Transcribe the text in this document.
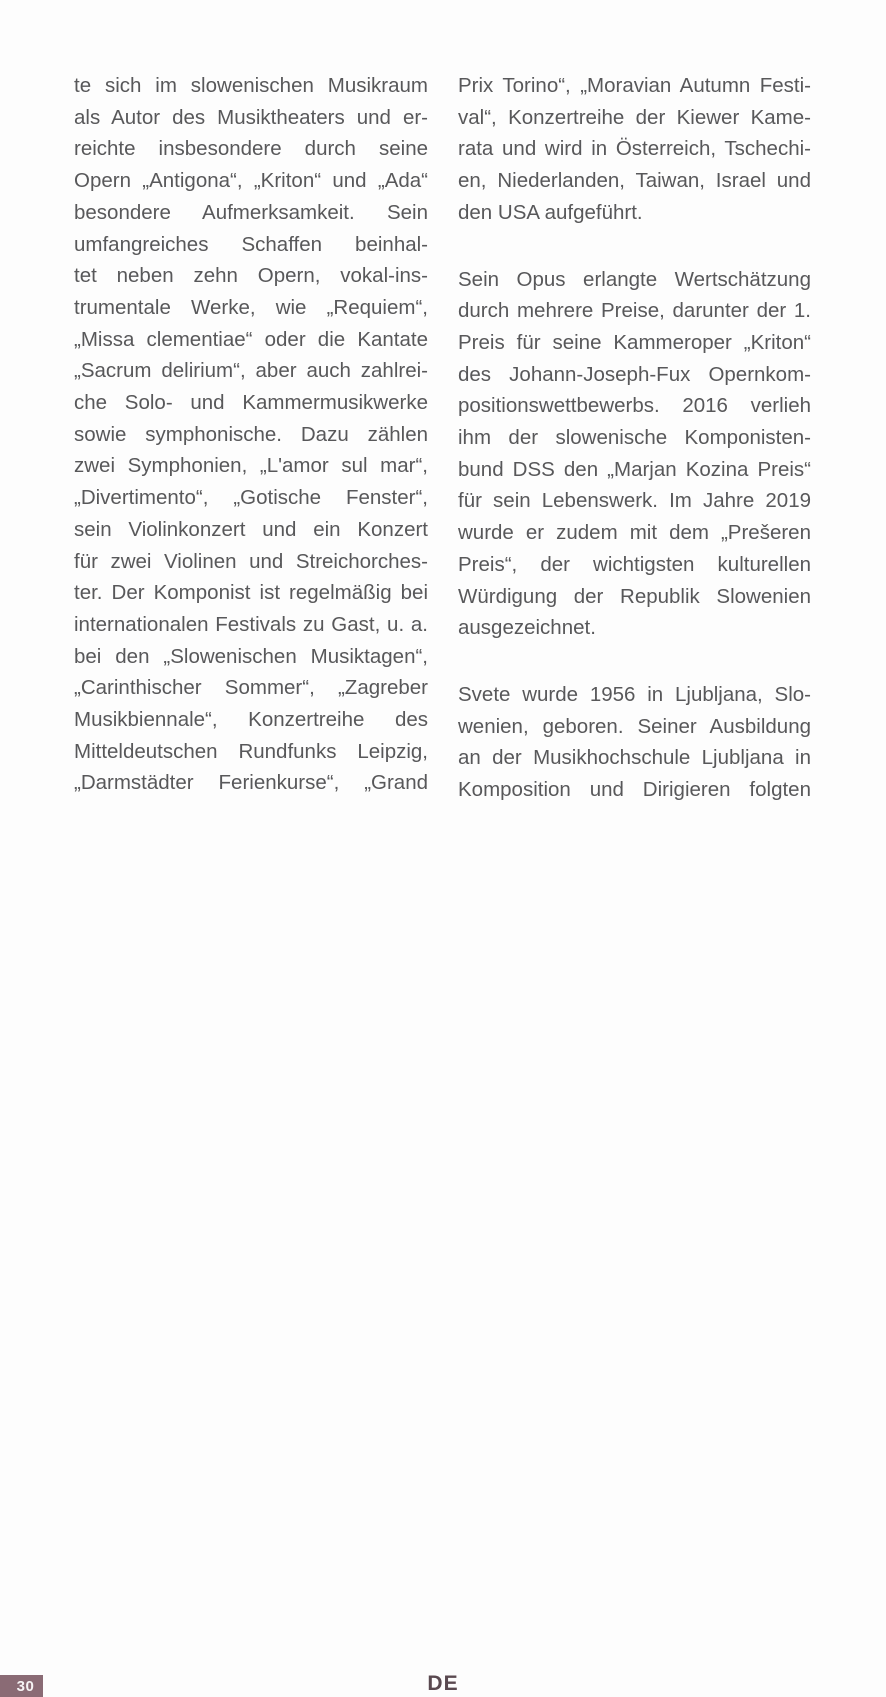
te sich im slowenischen Musikraum
als Autor des Musiktheaters und er-
reichte insbesondere durch seine
Opern „Antigona“, „Kriton“ und „Ada“
besondere Aufmerksamkeit. Sein
umfangreiches Schaffen beinhal-
tet neben zehn Opern, vokal-ins-
trumentale Werke, wie „Requiem“,
„Missa clementiae“ oder die Kantate
„Sacrum delirium“, aber auch zahlrei-
che Solo- und Kammermusikwerke
sowie symphonische. Dazu zählen
zwei Symphonien, „L'amor sul mar“,
„Divertimento“, „Gotische Fenster“,
sein Violinkonzert und ein Konzert
für zwei Violinen und Streichorches-
ter. Der Komponist ist regelmäßig bei
internationalen Festivals zu Gast, u. a.
bei den „Slowenischen Musiktagen“,
„Carinthischer Sommer“, „Zagreber
Musikbiennale“, Konzertreihe des
Mitteldeutschen Rundfunks Leipzig,
„Darmstädter Ferienkurse“, „Grand
Prix Torino“, „Moravian Autumn Festi-
val“, Konzertreihe der Kiewer Kame-
rata und wird in Österreich, Tschechi-
en, Niederlanden, Taiwan, Israel und
den USA aufgeführt.
Sein Opus erlangte Wertschätzung
durch mehrere Preise, darunter der 1.
Preis für seine Kammeroper „Kriton“
des Johann-Joseph-Fux Opernkom-
positionswettbewerbs. 2016 verlieh
ihm der slowenische Komponisten-
bund DSS den „Marjan Kozina Preis“
für sein Lebenswerk. Im Jahre 2019
wurde er zudem mit dem „Prešeren
Preis“, der wichtigsten kulturellen
Würdigung der Republik Slowenien
ausgezeichnet.
Svete wurde 1956 in Ljubljana, Slo-
wenien, geboren. Seiner Ausbildung
an der Musikhochschule Ljubljana in
Komposition und Dirigieren folgten
30	DE
